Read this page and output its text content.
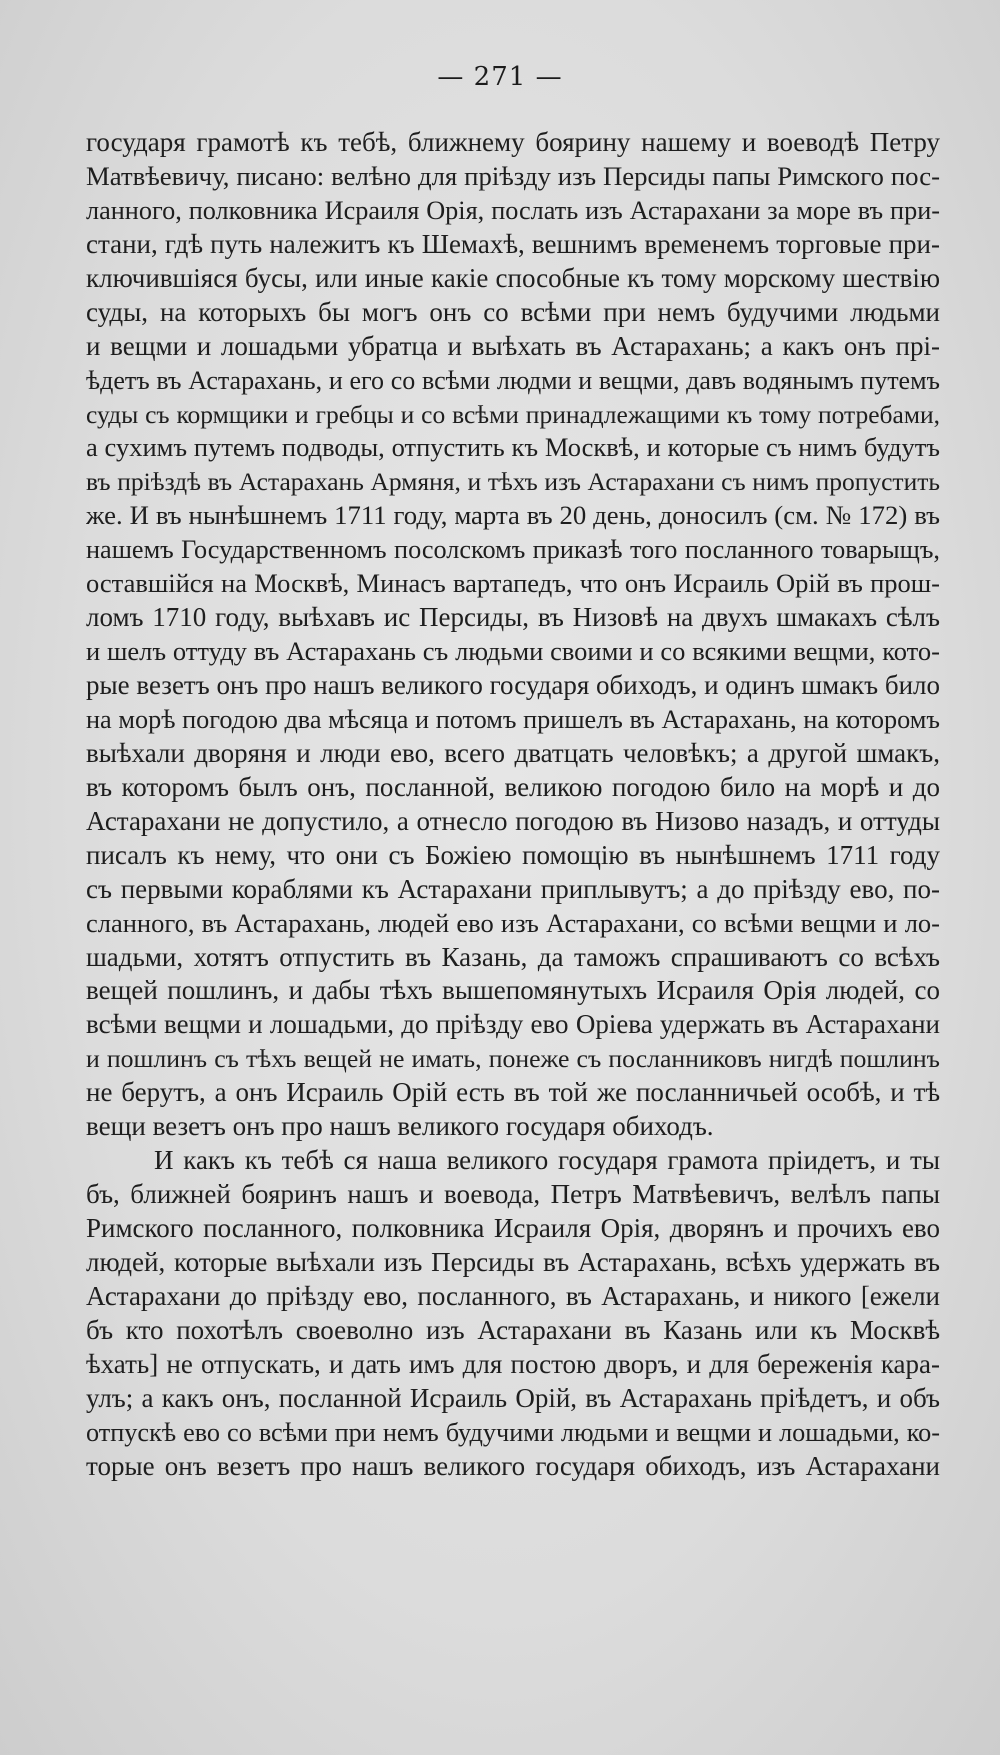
— 271 —
государя грамотѣ къ тебѣ, ближнему боярину нашему и воеводѣ Петру
Матвѣевичу, писано: велѣно для пріѣзду изъ Персиды папы Римского пос-
ланного, полковника Исраиля Орія, послать изъ Астарахани за море въ при-
стани, гдѣ путь належитъ къ Шемахѣ, вешнимъ временемъ торговые при-
ключившіяся бусы, или иные какіе способные къ тому морскому шествію
суды, на которыхъ бы могъ онъ со всѣми при немъ будучими людьми
и вещми и лошадьми убратца и выѣхать въ Астарахань; а какъ онъ прі-
ѣдетъ въ Астарахань, и его со всѣми людми и вещми, давъ водянымъ путемъ
суды съ кормщики и гребцы и со всѣми принадлежащими къ тому потребами,
а сухимъ путемъ подводы, отпустить къ Москвѣ, и которые съ нимъ будутъ
въ пріѣздѣ въ Астарахань Армяня, и тѣхъ изъ Астарахани съ нимъ пропустить
же. И въ нынѣшнемъ 1711 году, марта въ 20 день, доносилъ (см. № 172) въ
нашемъ Государственномъ посолскомъ приказѣ того посланного товарыщъ,
оставшійся на Москвѣ, Минасъ вартапедъ, что онъ Исраиль Орій въ прош-
ломъ 1710 году, выѣхавъ ис Персиды, въ Низовѣ на двухъ шмакахъ сѣлъ
и шелъ оттуду въ Астарахань съ людьми своими и со всякими вещми, кото-
рые везетъ онъ про нашъ великого государя обиходъ, и одинъ шмакъ било
на морѣ погодою два мѣсяца и потомъ пришелъ въ Астарахань, на которомъ
выѣхали дворяня и люди ево, всего дватцать человѣкъ; а другой шмакъ,
въ которомъ былъ онъ, посланной, великою погодою било на морѣ и до
Астарахани не допустило, а отнесло погодою въ Низово назадъ, и оттуды
писалъ къ нему, что они съ Божіею помощію въ нынѣшнемъ 1711 году
съ первыми кораблями къ Астарахани приплывутъ; а до пріѣзду ево, по-
сланного, въ Астарахань, людей ево изъ Астарахани, со всѣми вещми и ло-
шадьми, хотятъ отпустить въ Казань, да таможъ спрашиваютъ со всѣхъ
вещей пошлинъ, и дабы тѣхъ вышепомянутыхъ Исраиля Орія людей, со
всѣми вещми и лошадьми, до пріѣзду ево Оріева удержать въ Астарахани
и пошлинъ съ тѣхъ вещей не имать, понеже съ посланниковъ нигдѣ пошлинъ
не берутъ, а онъ Исраиль Орій есть въ той же посланничьей особѣ, и тѣ
вещи везетъ онъ про нашъ великого государя обиходъ.
И какъ къ тебѣ ся наша великого государя грамота пріидетъ, и ты
бъ, ближней бояринъ нашъ и воевода, Петръ Матвѣевичъ, велѣлъ папы
Римского посланного, полковника Исраиля Орія, дворянъ и прочихъ ево
людей, которые выѣхали изъ Персиды въ Астарахань, всѣхъ удержать въ
Астарахани до пріѣзду ево, посланного, въ Астарахань, и никого [ежели
бъ кто похотѣлъ своеволно изъ Астарахани въ Казань или къ Москвѣ
ѣхать] не отпускать, и дать имъ для постою дворъ, и для береженія кара-
улъ; а какъ онъ, посланной Исраиль Орій, въ Астарахань пріѣдетъ, и объ
отпускѣ ево со всѣми при немъ будучими людьми и вещми и лошадьми, ко-
торые онъ везетъ про нашъ великого государя обиходъ, изъ Астарахани
